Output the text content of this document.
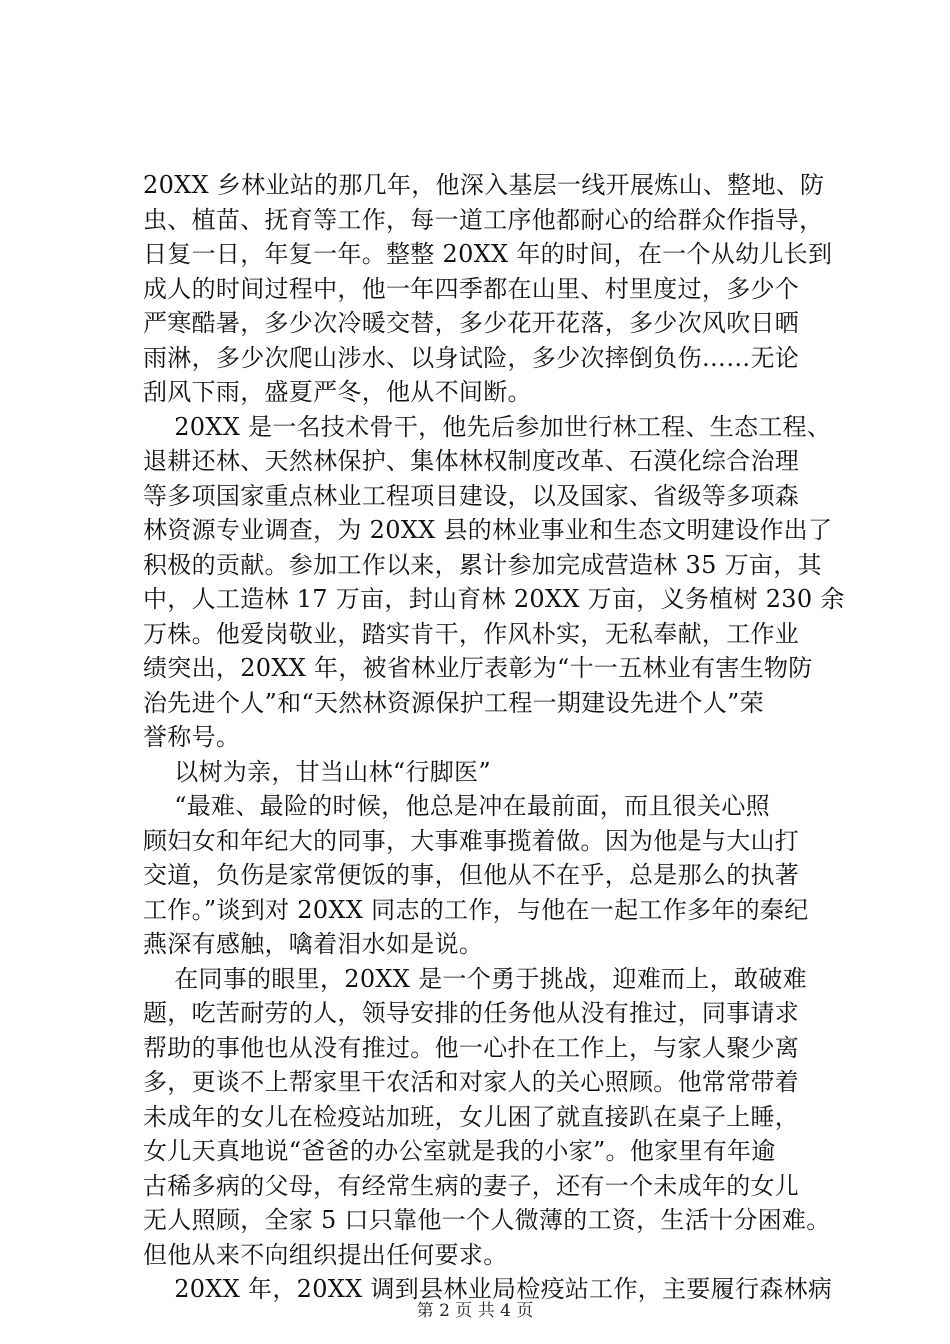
20XX 乡林业站的那几年，他深入基层一线开展炼山、整地、防
虫、植苗、抚育等工作，每一道工序他都耐心的给群众作指导，
日复一日，年复一年。整整 20XX 年的时间，在一个从幼儿长到
成人的时间过程中，他一年四季都在山里、村里度过，多少个
严寒酷暑，多少次冷暖交替，多少花开花落，多少次风吹日晒
雨淋，多少次爬山涉水、以身试险，多少次摔倒负伤……无论
刮风下雨，盛夏严冬，他从不间断。
20XX 是一名技术骨干，他先后参加世行林工程、生态工程、
退耕还林、天然林保护、集体林权制度改革、石漠化综合治理
等多项国家重点林业工程项目建设，以及国家、省级等多项森
林资源专业调查，为 20XX 县的林业事业和生态文明建设作出了
积极的贡献。参加工作以来，累计参加完成营造林 35 万亩，其
中，人工造林 17 万亩，封山育林 20XX 万亩，义务植树 230 余
万株。他爱岗敬业，踏实肯干，作风朴实，无私奉献，工作业
绩突出，20XX 年，被省林业厅表彰为“十一五林业有害生物防
治先进个人”和“天然林资源保护工程一期建设先进个人”荣
誉称号。
以树为亲，甘当山林“行脚医”
“最难、最险的时候，他总是冲在最前面，而且很关心照
顾妇女和年纪大的同事，大事难事揽着做。因为他是与大山打
交道，负伤是家常便饭的事，但他从不在乎，总是那么的执著
工作。”谈到对 20XX 同志的工作，与他在一起工作多年的秦纪
燕深有感触，噙着泪水如是说。
在同事的眼里，20XX 是一个勇于挑战，迎难而上，敢破难
题，吃苦耐劳的人，领导安排的任务他从没有推过，同事请求
帮助的事他也从没有推过。他一心扑在工作上，与家人聚少离
多，更谈不上帮家里干农活和对家人的关心照顾。他常常带着
未成年的女儿在检疫站加班，女儿困了就直接趴在桌子上睡，
女儿天真地说“爸爸的办公室就是我的小家”。他家里有年逾
古稀多病的父母，有经常生病的妻子，还有一个未成年的女儿
无人照顾，全家 5 口只靠他一个人微薄的工资，生活十分困难。
但他从来不向组织提出任何要求。
20XX 年，20XX 调到县林业局检疫站工作，主要履行森林病
第 2 页 共 4 页
